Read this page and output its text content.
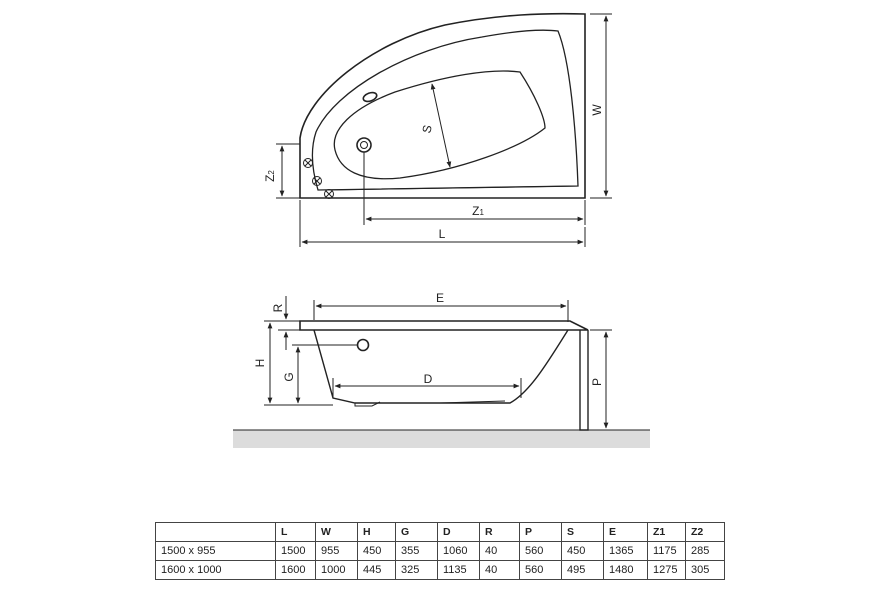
W
S
Z2
Z1
L
E
R
H
G	D	P
	L	W	H	G	D	R	P	S	E	Z1	Z2
1500 x 955	1500	955	450	355	1060	40	560	450	1365	1175	285
1600 x 1000	1600	1000	445	325	1135	40	560	495	1480	1275	305
